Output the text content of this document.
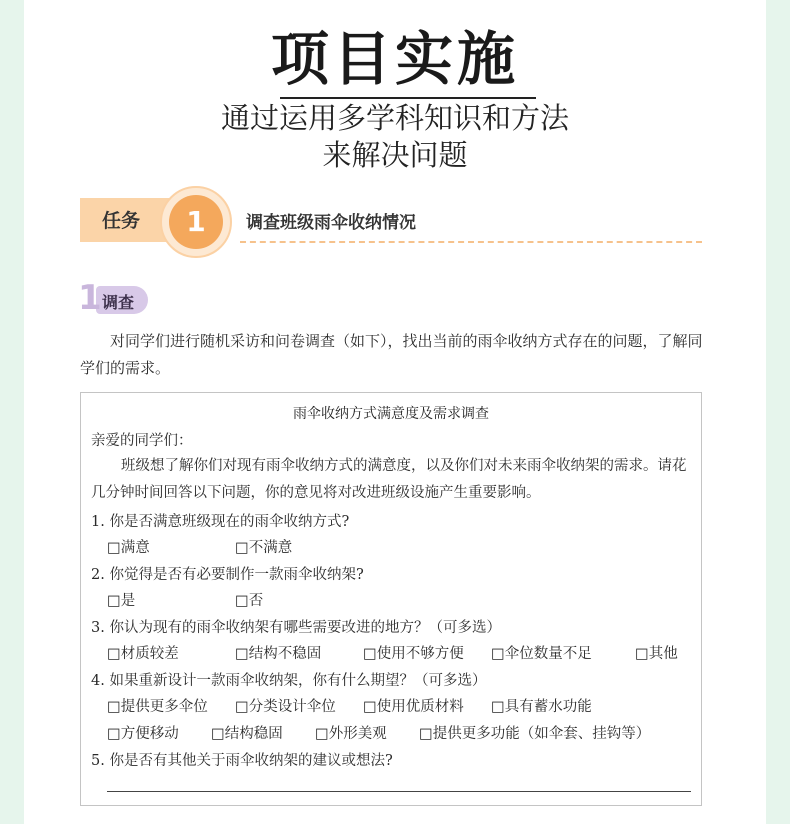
项目实施
通过运用多学科知识和方法
来解决问题
任务	1	调查班级雨伞收纳情况
1 调查

对同学们进行随机采访和问卷调查（如下），找出当前的雨伞收纳方式存在的问题，了解同学们的需求。

雨伞收纳方式满意度及需求调查
亲爱的同学们：

班级想了解你们对现有雨伞收纳方式的满意度，以及你们对未来雨伞收纳架的需求。请花几分钟时间回答以下问题，你的意见将对改进班级设施产生重要影响。

1. 你是否满意班级现在的雨伞收纳方式?
□满意	□不满意
2. 你觉得是否有必要制作一款雨伞收纳架?
□是	□否
3. 你认为现有的雨伞收纳架有哪些需要改进的地方？（可多选）
□材质较差	□结构不稳固	□使用不够方便 □伞位数量不足	□其他
4. 如果重新设计一款雨伞收纳架，你有什么期望？（可多选）
□提供更多伞位 □分类设计伞位 □使用优质材料 □具有蓄水功能
□方便移动 □结构稳固 □外形美观 □提供更多功能（如伞套、挂钩等）
5. 你是否有其他关于雨伞收纳架的建议或想法?
